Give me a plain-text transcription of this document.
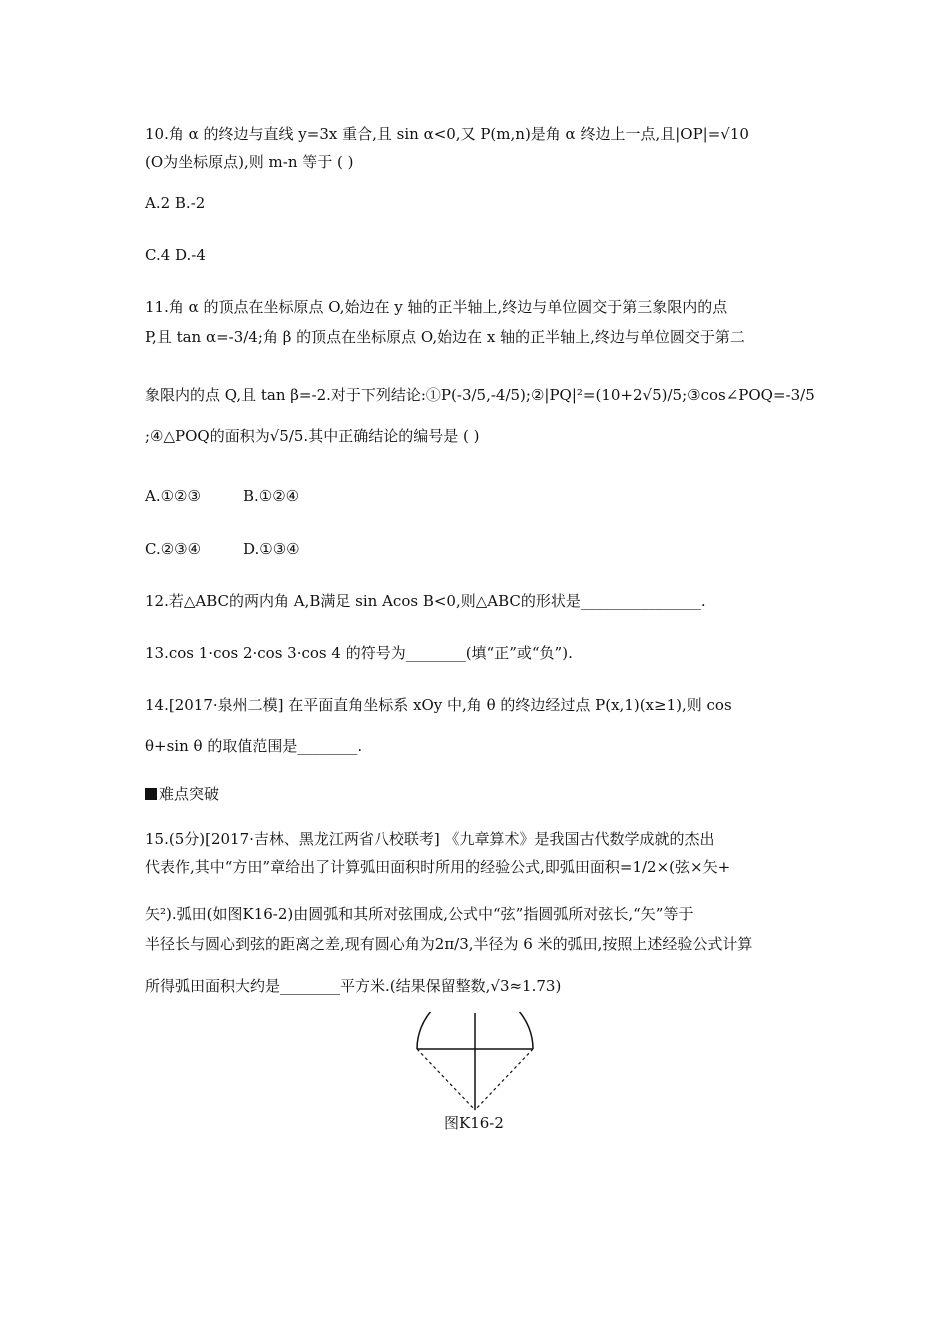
10.角 α 的终边与直线 y=3x 重合,且 sin α<0,又 P(m,n)是角 α 终边上一点,且|OP|=√10
(O为坐标原点),则 m-n 等于 ( )
A.2 B.-2
C.4 D.-4
11.角 α 的顶点在坐标原点 O,始边在 y 轴的正半轴上,终边与单位圆交于第三象限内的点
P,且 tan α=-3/4;角 β 的顶点在坐标原点 O,始边在 x 轴的正半轴上,终边与单位圆交于第二
象限内的点 Q,且 tan β=-2.对于下列结论:①P(-3/5,-4/5);②|PQ|²=(10+2√5)/5;③cos∠POQ=-3/5
;④△POQ的面积为√5/5.其中正确结论的编号是 ( )
A.①②③	B.①②④
C.②③④	D.①③④
12.若△ABC的两内角 A,B满足 sin Acos B<0,则△ABC的形状是________________.
13.cos 1·cos 2·cos 3·cos 4 的符号为________(填“正”或“负”).
14.[2017·泉州二模] 在平面直角坐标系 xOy 中,角 θ 的终边经过点 P(x,1)(x≥1),则 cos
θ+sin θ 的取值范围是________.
难点突破
15.(5分)[2017·吉林、黑龙江两省八校联考] 《九章算术》是我国古代数学成就的杰出
代表作,其中“方田”章给出了计算弧田面积时所用的经验公式,即弧田面积=1/2×(弦×矢+
矢²).弧田(如图K16-2)由圆弧和其所对弦围成,公式中“弦”指圆弧所对弦长,“矢”等于
半径长与圆心到弦的距离之差,现有圆心角为2π/3,半径为 6 米的弧田,按照上述经验公式计算
所得弧田面积大约是________平方米.(结果保留整数,√3≈1.73)
图K16-2
